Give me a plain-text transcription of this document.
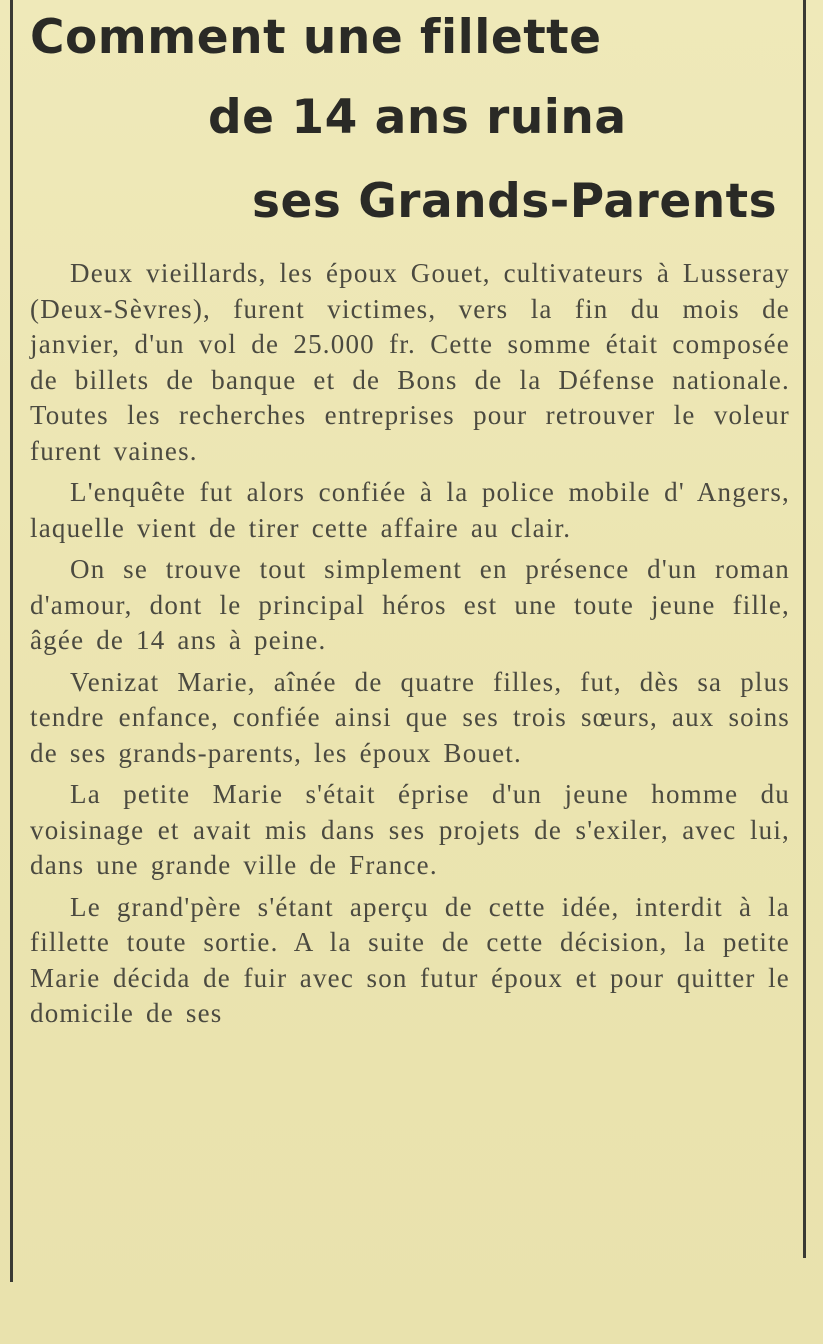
Comment une fillette
de 14 ans ruina
ses Grands-Parents

Deux vieillards, les époux Gouet, cultivateurs à Lusseray (Deux-Sèvres), furent victimes, vers la fin du mois de janvier, d'un vol de 25.000 fr. Cette somme était composée de billets de banque et de Bons de la Défense nationale. Toutes les recherches entreprises pour retrouver le voleur furent vaines.

L'enquête fut alors confiée à la police mobile d' Angers, laquelle vient de tirer cette affaire au clair.

On se trouve tout simplement en présence d'un roman d'amour, dont le principal héros est une toute jeune fille, âgée de 14 ans à peine.

Venizat Marie, aînée de quatre filles, fut, dès sa plus tendre enfance, confiée ainsi que ses trois sœurs, aux soins de ses grands-parents, les époux Bouet.

La petite Marie s'était éprise d'un jeune homme du voisinage et avait mis dans ses projets de s'exiler, avec lui, dans une grande ville de France.

Le grand'père s'étant aperçu de cette idée, interdit à la fillette toute sortie. A la suite de cette décision, la petite Marie décida de fuir avec son futur époux et pour quitter le domicile de ses
